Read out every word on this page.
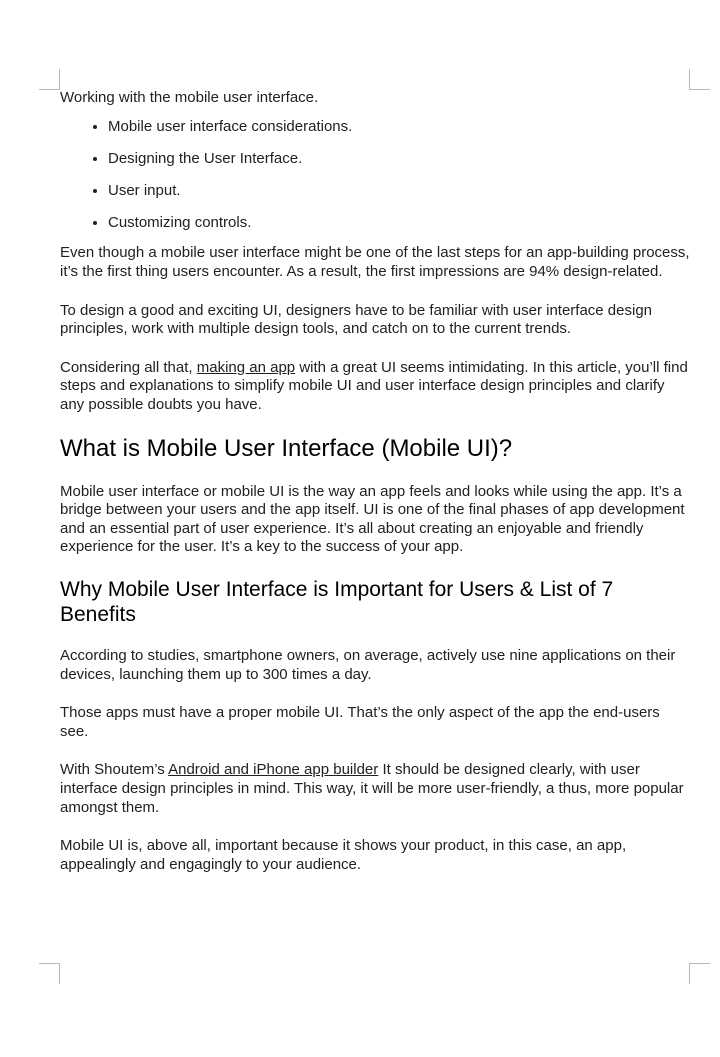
Working with the mobile user interface.

• Mobile user interface considerations.
• Designing the User Interface.
• User input.
• Customizing controls.

Even though a mobile user interface might be one of the last steps for an app-building process, it’s the first thing users encounter. As a result, the first impressions are 94% design-related.

To design a good and exciting UI, designers have to be familiar with user interface design principles, work with multiple design tools, and catch on to the current trends.

Considering all that, making an app with a great UI seems intimidating. In this article, you’ll find steps and explanations to simplify mobile UI and user interface design principles and clarify any possible doubts you have.

What is Mobile User Interface (Mobile UI)?

Mobile user interface or mobile UI is the way an app feels and looks while using the app. It’s a bridge between your users and the app itself. UI is one of the final phases of app development and an essential part of user experience. It’s all about creating an enjoyable and friendly experience for the user. It’s a key to the success of your app.

Why Mobile User Interface is Important for Users & List of 7 Benefits

According to studies, smartphone owners, on average, actively use nine applications on their devices, launching them up to 300 times a day.

Those apps must have a proper mobile UI. That’s the only aspect of the app the end-users see.

With Shoutem’s Android and iPhone app builder It should be designed clearly, with user interface design principles in mind. This way, it will be more user-friendly, a thus, more popular amongst them.

Mobile UI is, above all, important because it shows your product, in this case, an app, appealingly and engagingly to your audience.
